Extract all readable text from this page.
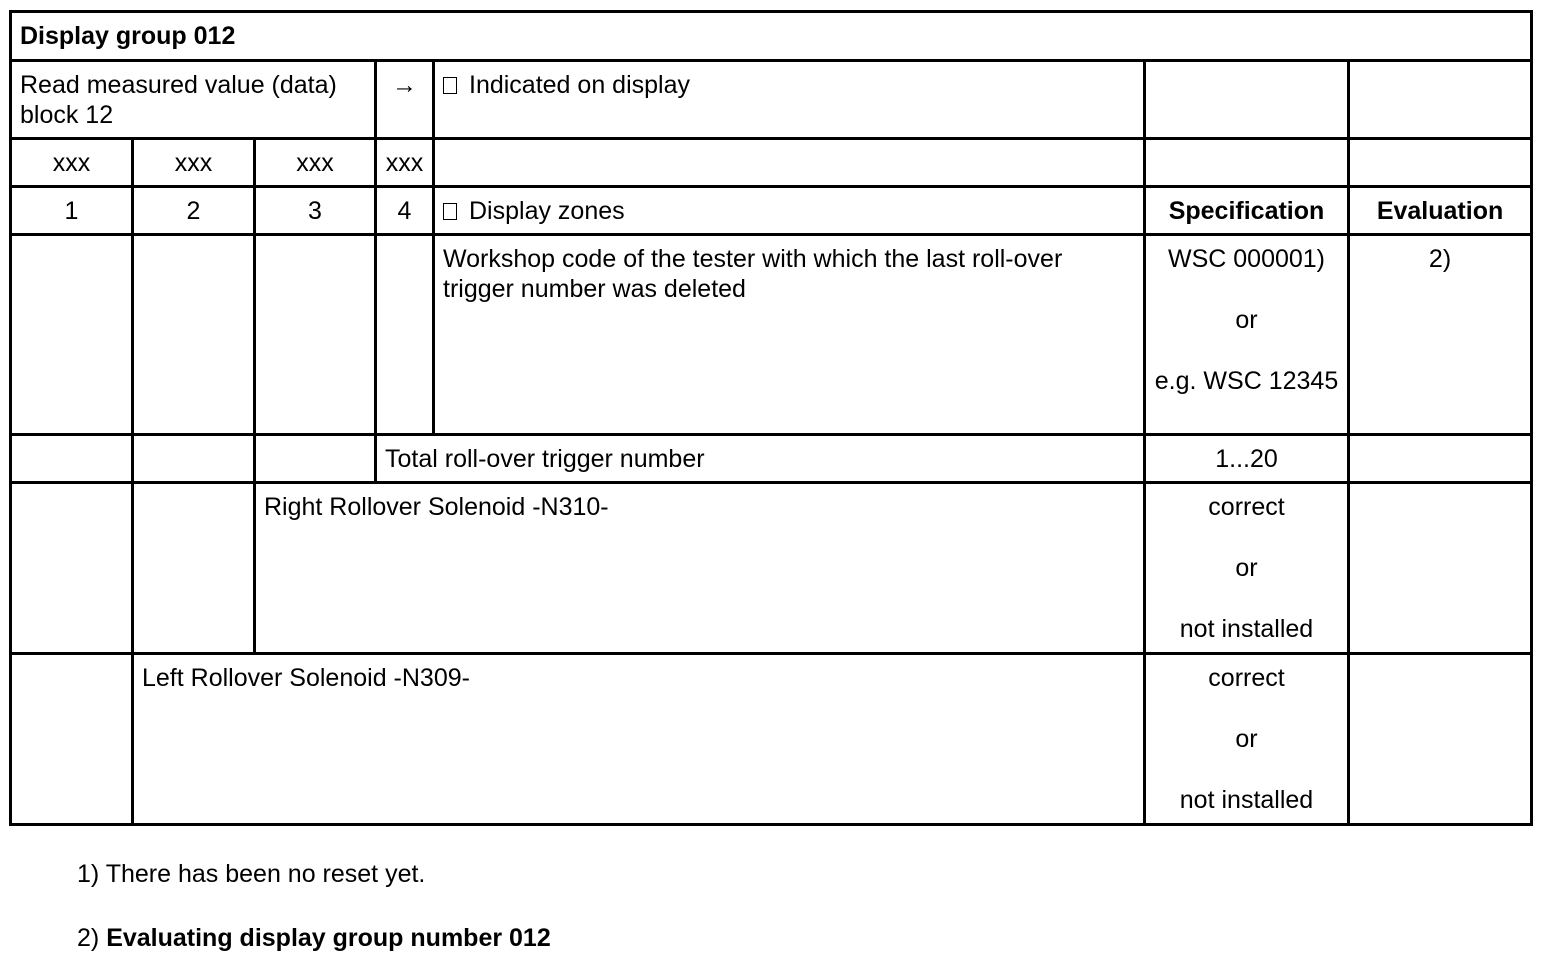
Display group 012						
Read measured value (data) block 12			→	Indicated on display		
xxx	xxx	xxx	xxx			
1	2	3	4	Display zones	Specification	Evaluation
				Workshop code of the tester with which the last roll-over trigger number was deleted	WSC 000001)
or
e.g. WSC 12345	2)
			Total roll-over trigger number		1...20	
		Right Rollover Solenoid -N310-			correct
or
not installed	
	Left Rollover Solenoid -N309-				correct
or
not installed	
1) There has been no reset yet.
2) Evaluating display group number 012
